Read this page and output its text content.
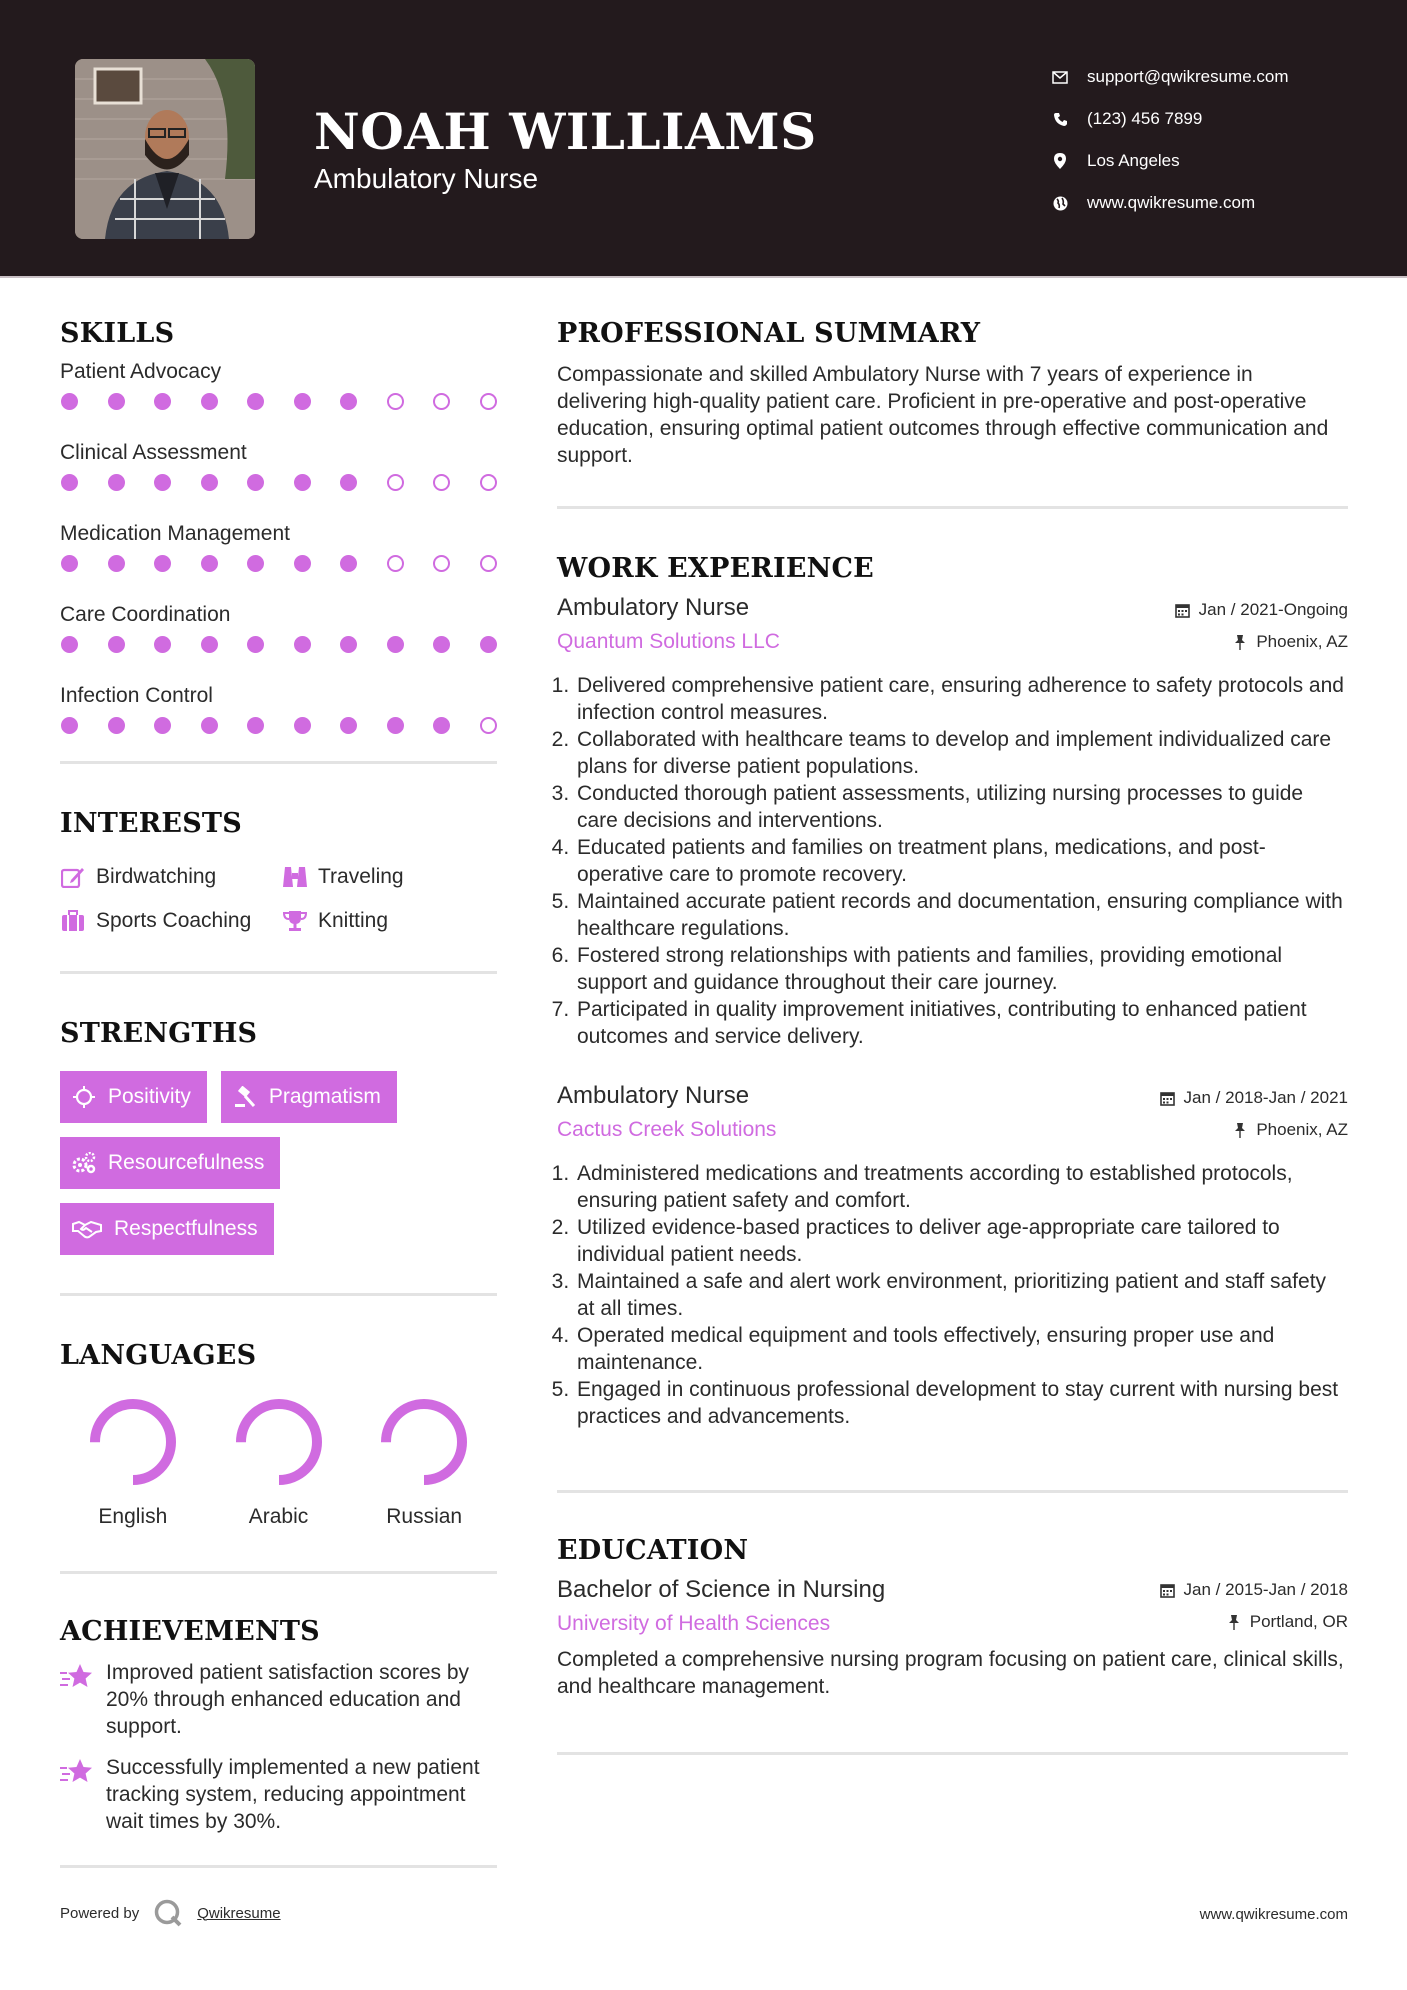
NOAH WILLIAMS
Ambulatory Nurse
support@qwikresume.com
(123) 456 7899
Los Angeles
www.qwikresume.com
SKILLS
Patient Advocacy
Clinical Assessment
Medication Management
Care Coordination
Infection Control
INTERESTS
Birdwatching	Traveling
Sports Coaching	Knitting
STRENGTHS
Positivity	Pragmatism
Resourcefulness
Respectfulness
LANGUAGES
English	Arabic	Russian
ACHIEVEMENTS
Improved patient satisfaction scores by 20% through enhanced education and support.
Successfully implemented a new patient tracking system, reducing appointment wait times by 30%.
PROFESSIONAL SUMMARY
Compassionate and skilled Ambulatory Nurse with 7 years of experience in delivering high-quality patient care. Proficient in pre-operative and post-operative education, ensuring optimal patient outcomes through effective communication and support.
WORK EXPERIENCE
Ambulatory Nurse
Quantum Solutions LLC
Jan / 2021-Ongoing
Phoenix, AZ
1. Delivered comprehensive patient care, ensuring adherence to safety protocols and infection control measures.
2. Collaborated with healthcare teams to develop and implement individualized care plans for diverse patient populations.
3. Conducted thorough patient assessments, utilizing nursing processes to guide care decisions and interventions.
4. Educated patients and families on treatment plans, medications, and post-operative care to promote recovery.
5. Maintained accurate patient records and documentation, ensuring compliance with healthcare regulations.
6. Fostered strong relationships with patients and families, providing emotional support and guidance throughout their care journey.
7. Participated in quality improvement initiatives, contributing to enhanced patient outcomes and service delivery.
Ambulatory Nurse
Cactus Creek Solutions
Jan / 2018-Jan / 2021
Phoenix, AZ
1. Administered medications and treatments according to established protocols, ensuring patient safety and comfort.
2. Utilized evidence-based practices to deliver age-appropriate care tailored to individual patient needs.
3. Maintained a safe and alert work environment, prioritizing patient and staff safety at all times.
4. Operated medical equipment and tools effectively, ensuring proper use and maintenance.
5. Engaged in continuous professional development to stay current with nursing best practices and advancements.
EDUCATION
Bachelor of Science in Nursing
University of Health Sciences
Jan / 2015-Jan / 2018
Portland, OR
Completed a comprehensive nursing program focusing on patient care, clinical skills, and healthcare management.
Powered by	Qwikresume	www.qwikresume.com
